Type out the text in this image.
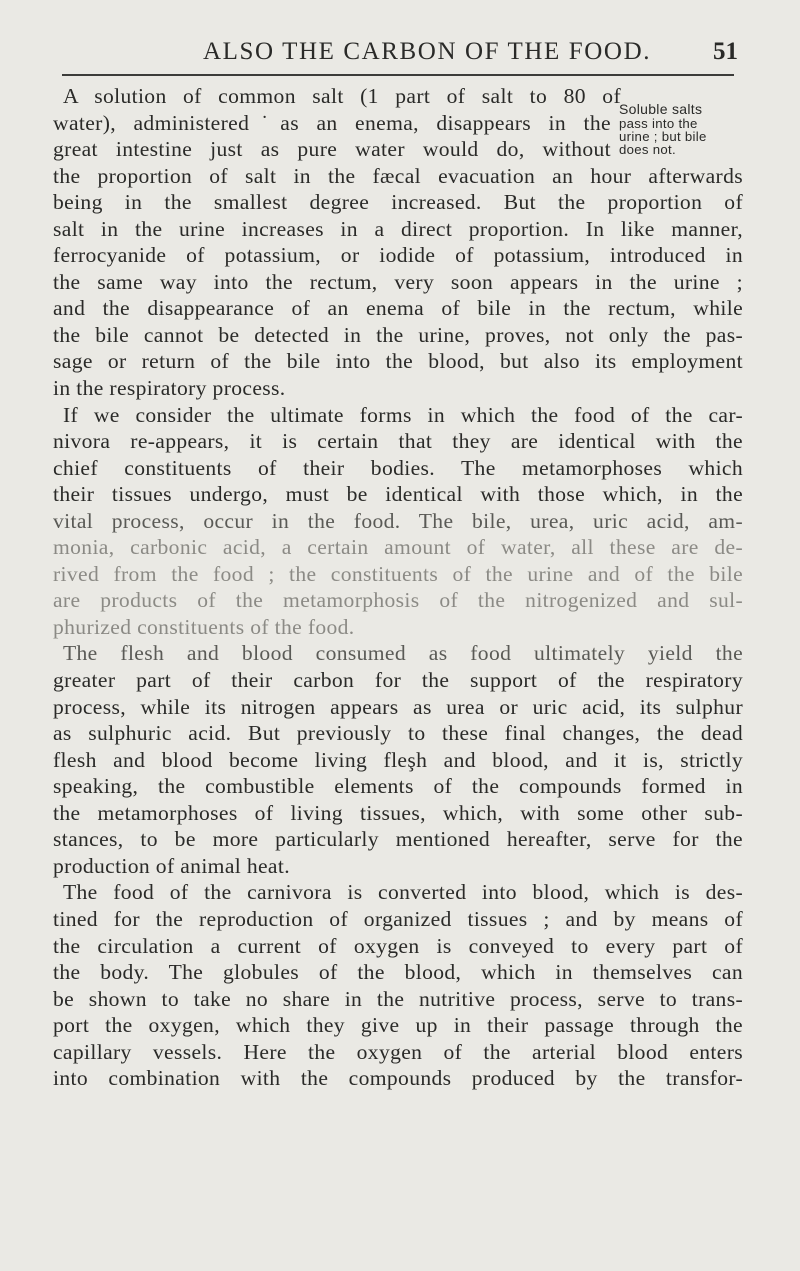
ALSO THE CARBON OF THE FOOD. 51
Soluble salts
pass into the
urine ; but bile
does not.
A solution of common salt (1 part of salt to 80 of
water), administered˙as an enema, disappears in the
great intestine just as pure water would do, without
the proportion of salt in the fæcal evacuation an hour afterwards
being in the smallest degree increased. But the proportion of
salt in the urine increases in a direct proportion. In like manner,
ferrocyanide of potassium, or iodide of potassium, introduced in
the same way into the rectum, very soon appears in the urine ;
and the disappearance of an enema of bile in the rectum, while
the bile cannot be detected in the urine, proves, not only the pas-
sage or return of the bile into the blood, but also its employment
in the respiratory process.
If we consider the ultimate forms in which the food of the car-
nivora re-appears, it is certain that they are identical with the
chief constituents of their bodies. The metamorphoses which
their tissues undergo, must be identical with those which, in the
vital process, occur in the food. The bile, urea, uric acid, am-
monia, carbonic acid, a certain amount of water, all these are de-
rived from the food ; the constituents of the urine and of the bile
are products of the metamorphosis of the nitrogenized and sul-
phurized constituents of the food.
The flesh and blood consumed as food ultimately yield the
greater part of their carbon for the support of the respiratory
process, while its nitrogen appears as urea or uric acid, its sulphur
as sulphuric acid. But previously to these final changes, the dead
flesh and blood become living fleşh and blood, and it is, strictly
speaking, the combustible elements of the compounds formed in
the metamorphoses of living tissues, which, with some other sub-
stances, to be more particularly mentioned hereafter, serve for the
production of animal heat.
The food of the carnivora is converted into blood, which is des-
tined for the reproduction of organized tissues ; and by means of
the circulation a current of oxygen is conveyed to every part of
the body. The globules of the blood, which in themselves can
be shown to take no share in the nutritive process, serve to trans-
port the oxygen, which they give up in their passage through the
capillary vessels. Here the oxygen of the arterial blood enters
into combination with the compounds produced by the transfor-
